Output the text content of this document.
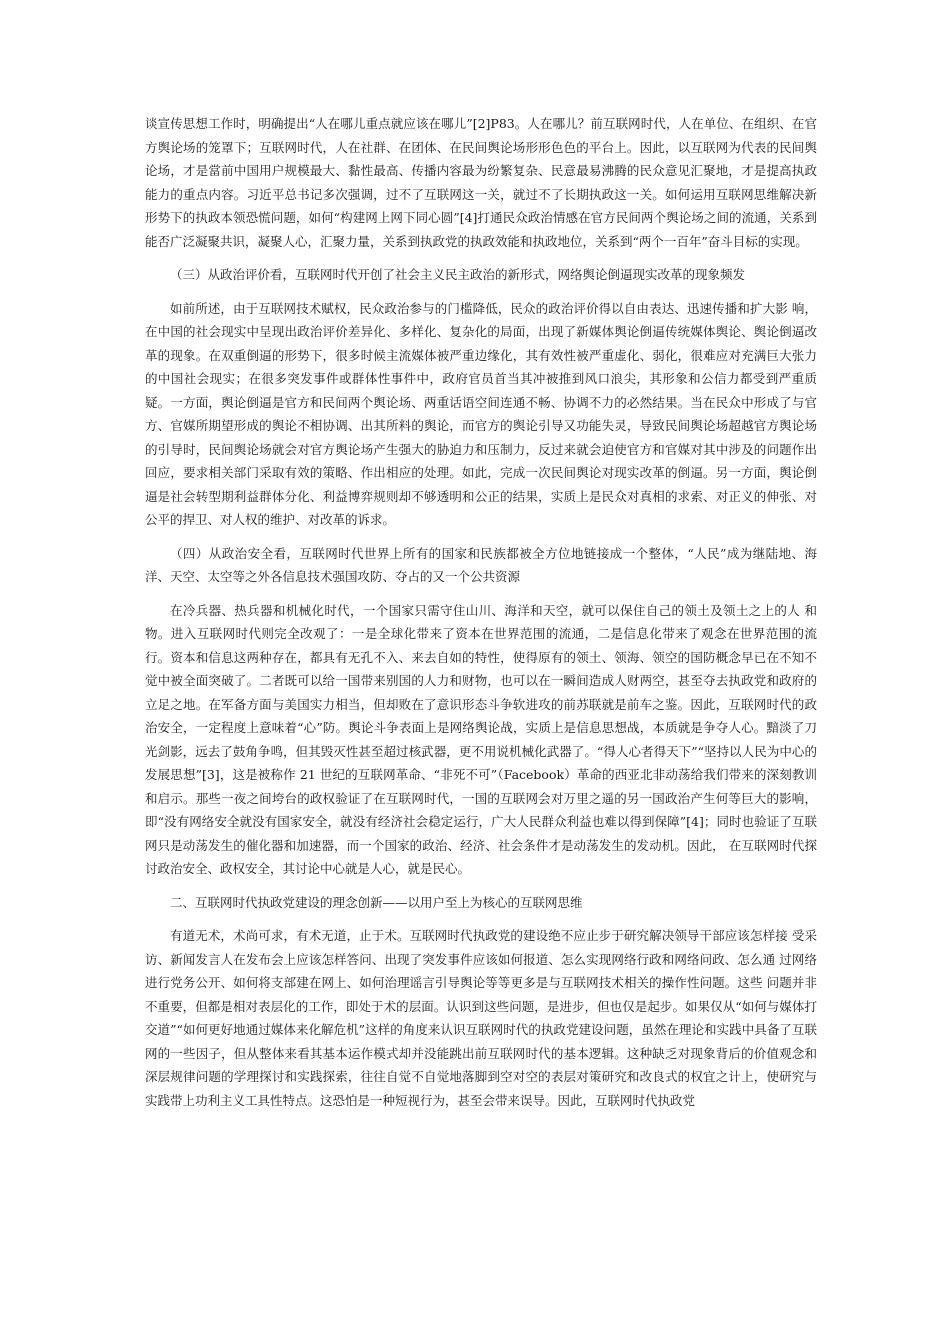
谈宣传思想工作时，明确提出“人在哪儿重点就应该在哪儿”[2]P83。人在哪儿？前互联网时代，人在单位、在组织、在官方舆论场的笼罩下；互联网时代，人在社群、在团体、在民间舆论场形形色色的平台上。因此，以互联网为代表的民间舆论场，才是當前中国用户规模最大、黏性最高、传播内容最为纷繁复杂、民意最易沸腾的民众意见汇聚地，才是提高执政能力的重点内容。习近平总书记多次强调，过不了互联网这一关，就过不了长期执政这一关。如何运用互联网思维解决新形势下的执政本领恐慌问题，如何“构建网上网下同心圆”[4]打通民众政治情感在官方民间两个舆论场之间的流通，关系到能否广泛凝聚共识，凝聚人心，汇聚力量，关系到执政党的执政效能和执政地位，关系到“两个一百年”奋斗目标的实现。

（三）从政治评价看，互联网时代开创了社会主义民主政治的新形式，网络舆论倒逼现实改革的现象频发

如前所述，由于互联网技术赋权，民众政治参与的门槛降低，民众的政治评价得以自由表达、迅速传播和扩大影 响，在中国的社会现实中呈现出政治评价差异化、多样化、复杂化的局面，出现了新媒体舆论倒逼传统媒体舆论、舆论倒逼改革的现象。在双重倒逼的形势下，很多时候主流媒体被严重边缘化，其有效性被严重虚化、弱化，很难应对充满巨大张力的中国社会现实；在很多突发事件或群体性事件中，政府官员首当其冲被推到风口浪尖，其形象和公信力都受到严重质疑。一方面，舆论倒逼是官方和民间两个舆论场、两重话语空间连通不畅、协调不力的必然结果。当在民众中形成了与官方、官媒所期望形成的舆论不相协调、出其所料的舆论，而官方的舆论引导又功能失灵，导致民间舆论场超越官方舆论场的引导时，民间舆论场就会对官方舆论场产生强大的胁迫力和压制力，反过来就会迫使官方和官媒对其中涉及的问题作出回应，要求相关部门采取有效的策略、作出相应的处理。如此，完成一次民间舆论对现实改革的倒逼。另一方面，舆论倒逼是社会转型期利益群体分化、利益博弈规则却不够透明和公正的结果，实质上是民众对真相的求索、对正义的伸张、对公平的捍卫、对人权的维护、对改革的诉求。

（四）从政治安全看，互联网时代世界上所有的国家和民族都被全方位地链接成一个整体，“人民”成为继陆地、海洋、天空、太空等之外各信息技术强国攻防、夺占的又一个公共资源

在冷兵器、热兵器和机械化时代，一个国家只需守住山川、海洋和天空，就可以保住自己的领土及领土之上的人 和物。进入互联网时代则完全改观了：一是全球化带来了资本在世界范围的流通，二是信息化带来了观念在世界范围的流行。资本和信息这两种存在，都具有无孔不入、来去自如的特性，使得原有的领土、领海、领空的国防概念早已在不知不觉中被全面突破了。二者既可以给一国带来别国的人力和财物，也可以在一瞬间造成人财两空，甚至夺去执政党和政府的立足之地。在军备方面与美国实力相当，但却败在了意识形态斗争软进攻的前苏联就是前车之鉴。因此，互联网时代的政治安全，一定程度上意味着“心”防。舆论斗争表面上是网络舆论战，实质上是信息思想战，本质就是争夺人心。黯淡了刀光剑影，远去了鼓角争鸣，但其毁灭性甚至超过核武器，更不用说机械化武器了。“得人心者得天下”“坚持以人民为中心的发展思想”[3]，这是被称作 21 世纪的互联网革命、“非死不可”（Facebook）革命的西亚北非动荡给我们带来的深刻教训和启示。那些一夜之间垮台的政权验证了在互联网时代，一国的互联网会对万里之遥的另一国政治产生何等巨大的影响，即“没有网络安全就没有国家安全，就没有经济社会稳定运行，广大人民群众利益也难以得到保障”[4]；同时也验证了互联网只是动荡发生的催化器和加速器，而一个国家的政治、经济、社会条件才是动荡发生的发动机。因此， 在互联网时代探讨政治安全、政权安全，其讨论中心就是人心，就是民心。

二、互联网时代执政党建设的理念创新——以用户至上为核心的互联网思维

有道无术，术尚可求，有术无道，止于术。互联网时代执政党的建设绝不应止步于研究解决领导干部应该怎样接 受采访、新闻发言人在发布会上应该怎样答问、出现了突发事件应该如何报道、怎么实现网络行政和网络问政、怎么通 过网络进行党务公开、如何将支部建在网上、如何治理谣言引导舆论等等更多是与互联网技术相关的操作性问题。这些 问题并非不重要，但都是相对表层化的工作，即处于术的层面。认识到这些问题，是进步，但也仅是起步。如果仅从“如何与媒体打交道”“如何更好地通过媒体来化解危机”这样的角度来认识互联网时代的执政党建设问题，虽然在理论和实践中具备了互联网的一些因子，但从整体来看其基本运作模式却并没能跳出前互联网时代的基本逻辑。这种缺乏对现象背后的价值观念和深层规律问题的学理探讨和实践探索，往往自觉不自觉地落脚到空对空的表层对策研究和改良式的权宜之计上，使研究与实践带上功利主义工具性特点。这恐怕是一种短视行为，甚至会带来误导。因此，互联网时代执政党
